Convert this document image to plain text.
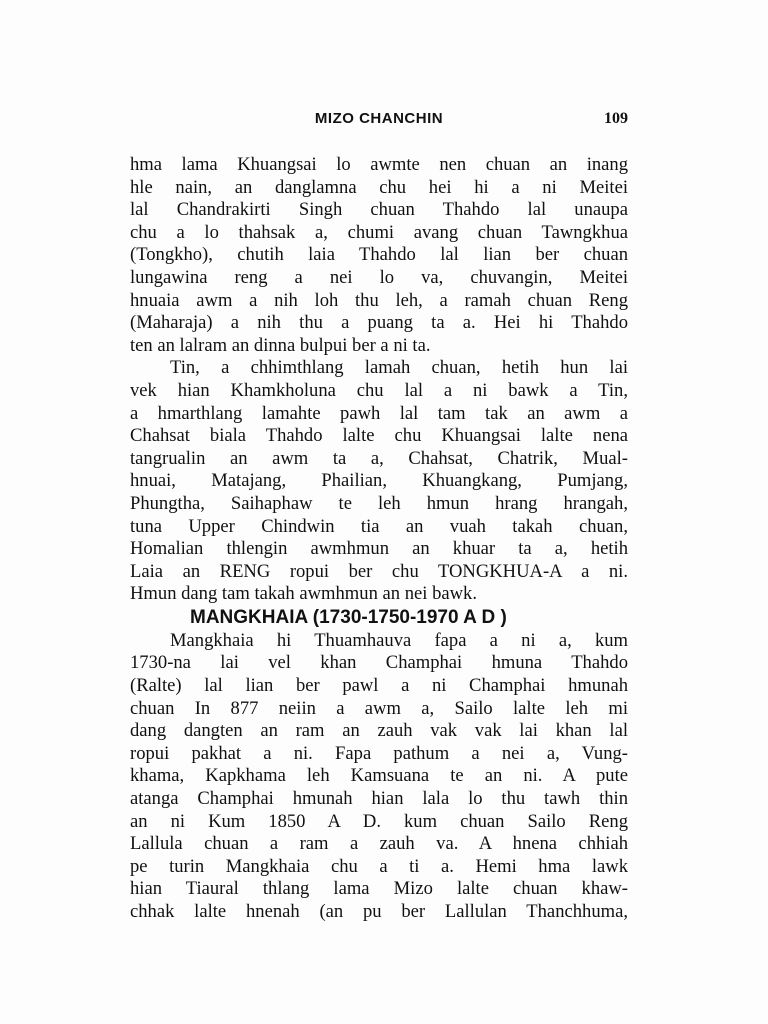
MIZO CHANCHIN	109
hma lama Khuangsai lo awmte nen chuan an inang
hle nain, an danglamna chu hei hi a ni Meitei
lal Chandrakirti Singh chuan Thahdo lal unaupa
chu a lo thahsak a, chumi avang chuan Tawngkhua
(Tongkho), chutih laia Thahdo lal lian ber chuan
lungawina reng a nei lo va, chuvangin, Meitei
hnuaia awm a nih loh thu leh, a ramah chuan Reng
(Maharaja) a nih thu a puang ta a. Hei hi Thahdo
ten an lalram an dinna bulpui ber a ni ta.
Tin, a chhimthlang lamah chuan, hetih hun lai
vek hian Khamkholuna chu lal a ni bawk a Tin,
a hmarthlang lamahte pawh lal tam tak an awm a
Chahsat biala Thahdo lalte chu Khuangsai lalte nena
tangrualin an awm ta a, Chahsat, Chatrik, Mual-
hnuai, Matajang, Phailian, Khuangkang, Pumjang,
Phungtha, Saihaphaw te leh hmun hrang hrangah,
tuna Upper Chindwin tia an vuah takah chuan,
Homalian thlengin awmhmun an khuar ta a, hetih
Laia an RENG ropui ber chu TONGKHUA-A a ni.
Hmun dang tam takah awmhmun an nei bawk.
MANGKHAIA (1730-1750-1970 A D )
Mangkhaia hi Thuamhauva fapa a ni a, kum
1730-na lai vel khan Champhai hmuna Thahdo
(Ralte) lal lian ber pawl a ni Champhai hmunah
chuan In 877 neiin a awm a, Sailo lalte leh mi
dang dangten an ram an zauh vak vak lai khan lal
ropui pakhat a ni. Fapa pathum a nei a, Vung-
khama, Kapkhama leh Kamsuana te an ni. A pute
atanga Champhai hmunah hian lala lo thu tawh thin
an ni Kum 1850 A D. kum chuan Sailo Reng
Lallula chuan a ram a zauh va. A hnena chhiah
pe turin Mangkhaia chu a ti a. Hemi hma lawk
hian Tiaural thlang lama Mizo lalte chuan khaw-
chhak lalte hnenah (an pu ber Lallulan Thanchhuma,
